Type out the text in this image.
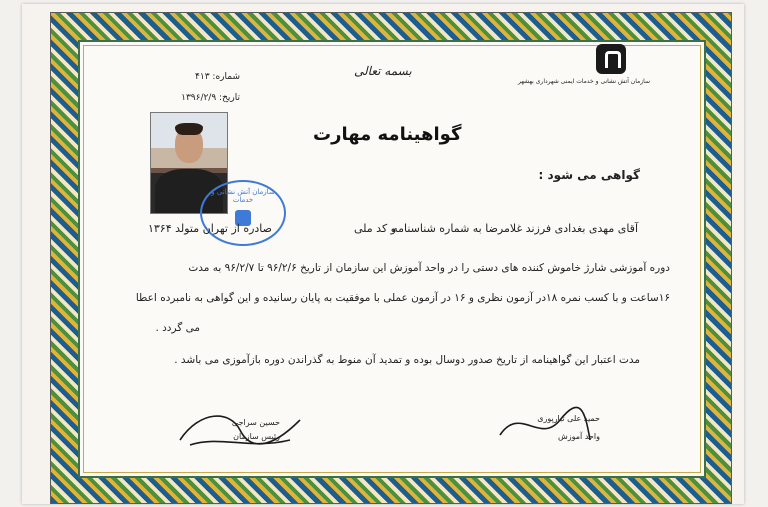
سازمان آتش نشانی و خدمات ایمنی شهرداری بهشهر
بسمه تعالی
شماره: ۴۱۳
تاریخ: ۱۳۹۶/۲/۹
گواهینامه مهارت
سازمان آتش نشانی و خدمات
گواهی می شود :
آقای مهدی بغدادی فرزند غلامرضا به شماره شناسنامه
و کد ملی
صادره از تهران متولد ۱۳۶۴
دوره آموزشی شارژ خاموش کننده های دستی را در واحد آموزش این سازمان از تاریخ ۹۶/۲/۶ تا ۹۶/۲/۷ به مدت
۱۶ساعت و با کسب نمره ۱۸در آزمون نظری و ۱۶ در آزمون عملی با موفقیت به پایان رسانیده و این گواهی به نامبرده اعطا
می گردد .
مدت اعتبار این گواهینامه از تاریخ صدور دوسال بوده و تمدید آن منوط به گذراندن دوره بازآموزی می باشد .
حسین سراجی
رئیس سازمان
حمید علی تبارپوری
واحد آموزش
